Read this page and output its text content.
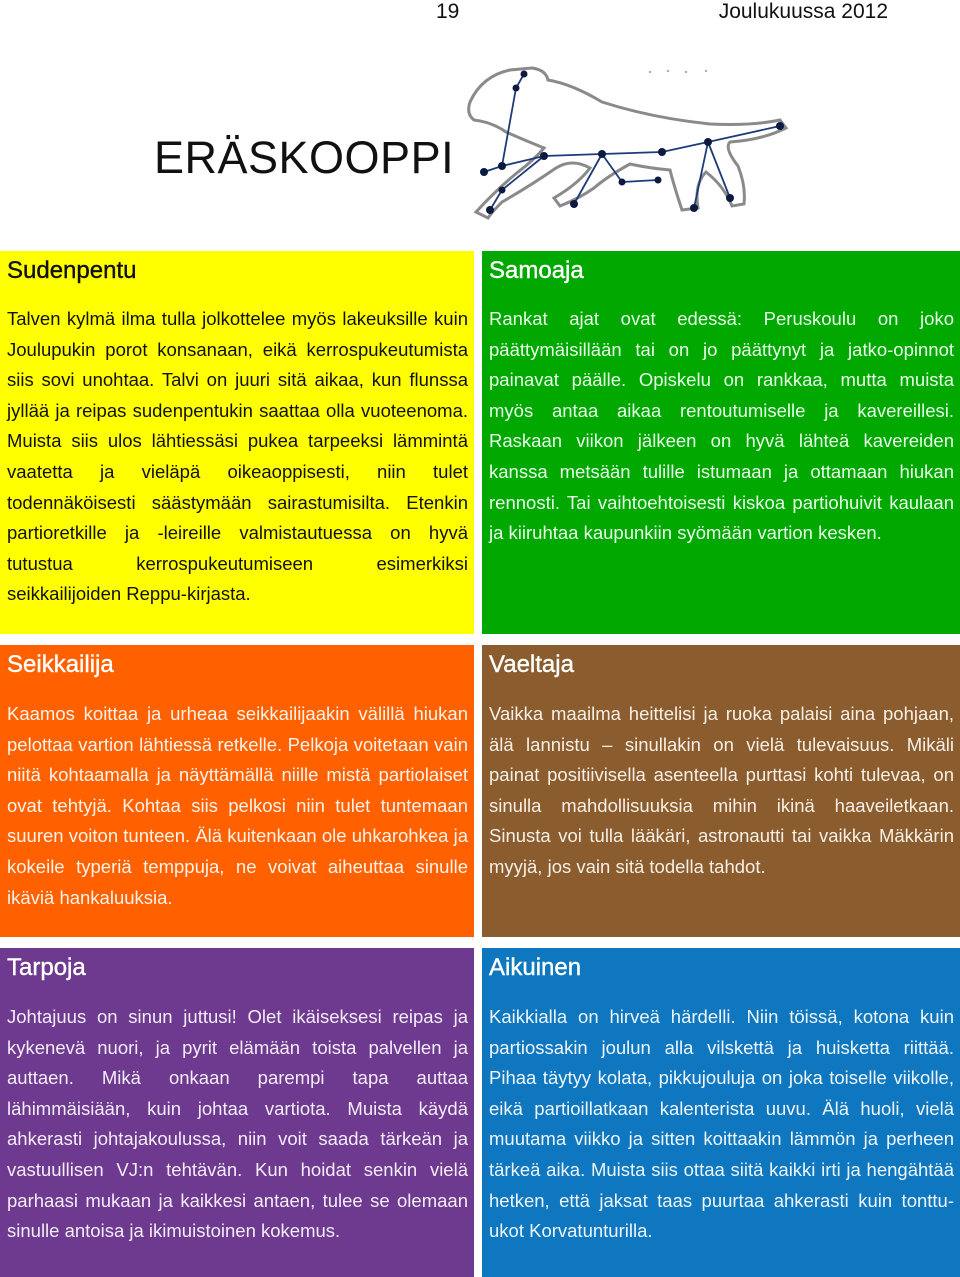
19	Joulukuussa 2012
ERÄSKOOPPI
Sudenpentu

Talven kylmä ilma tulla jolkottelee myös lakeuksille kuin Joulupukin porot konsanaan, eikä kerrospukeutumista siis sovi unohtaa. Talvi on juuri sitä aikaa, kun flunssa jyllää ja reipas sudenpentukin saattaa olla vuoteenoma. Muista siis ulos lähtiessäsi pukea tarpeeksi lämmintä vaatetta ja vieläpä oikeaoppisesti, niin tulet todennäköisesti säästymään sairastumisilta. Etenkin partioretkille ja -leireille valmistautuessa on hyvä tutustua kerrospukeutumiseen esimerkiksi seikkailijoiden Reppu-kirjasta.

Samoaja

Rankat ajat ovat edessä: Peruskoulu on joko päättymäisillään tai on jo päättynyt ja jatko-opinnot painavat päälle. Opiskelu on rankkaa, mutta muista myös antaa aikaa rentoutumiselle ja kavereillesi. Raskaan viikon jälkeen on hyvä lähteä kavereiden kanssa metsään tulille istumaan ja ottamaan hiukan rennosti. Tai vaihtoehtoisesti kiskoa partiohuivit kaulaan ja kiiruhtaa kaupunkiin syömään vartion kesken.

Seikkailija

Kaamos koittaa ja urheaa seikkailijaakin välillä hiukan pelottaa vartion lähtiessä retkelle. Pelkoja voitetaan vain niitä kohtaamalla ja näyttämällä niille mistä partiolaiset ovat tehtyjä. Kohtaa siis pelkosi niin tulet tuntemaan suuren voiton tunteen. Älä kuitenkaan ole uhkarohkea ja kokeile typeriä temppuja, ne voivat aiheuttaa sinulle ikäviä hankaluuksia.

Vaeltaja

Vaikka maailma heittelisi ja ruoka palaisi aina pohjaan, älä lannistu – sinullakin on vielä tulevaisuus. Mikäli painat positiivisella asenteella purttasi kohti tulevaa, on sinulla mahdollisuuksia mihin ikinä haaveiletkaan. Sinusta voi tulla lääkäri, astronautti tai vaikka Mäkkärin myyjä, jos vain sitä todella tahdot.

Tarpoja

Johtajuus on sinun juttusi! Olet ikäiseksesi reipas ja kykenevä nuori, ja pyrit elämään toista palvellen ja auttaen. Mikä onkaan parempi tapa auttaa lähimmäisiään, kuin johtaa vartiota. Muista käydä ahkerasti johtajakoulussa, niin voit saada tärkeän ja vastuullisen VJ:n tehtävän. Kun hoidat senkin vielä parhaasi mukaan ja kaikkesi antaen, tulee se olemaan sinulle antoisa ja ikimuistoinen kokemus.

Aikuinen

Kaikkialla on hirveä härdelli. Niin töissä, kotona kuin partiossakin joulun alla vilskettä ja huisketta riittää. Pihaa täytyy kolata, pikkujouluja on joka toiselle viikolle, eikä partioillatkaan kalenterista uuvu. Älä huoli, vielä muutama viikko ja sitten koittaakin lämmön ja perheen tärkeä aika. Muista siis ottaa siitä kaikki irti ja hengähtää hetken, että jaksat taas puurtaa ahkerasti kuin tonttu-ukot Korvatunturilla.
